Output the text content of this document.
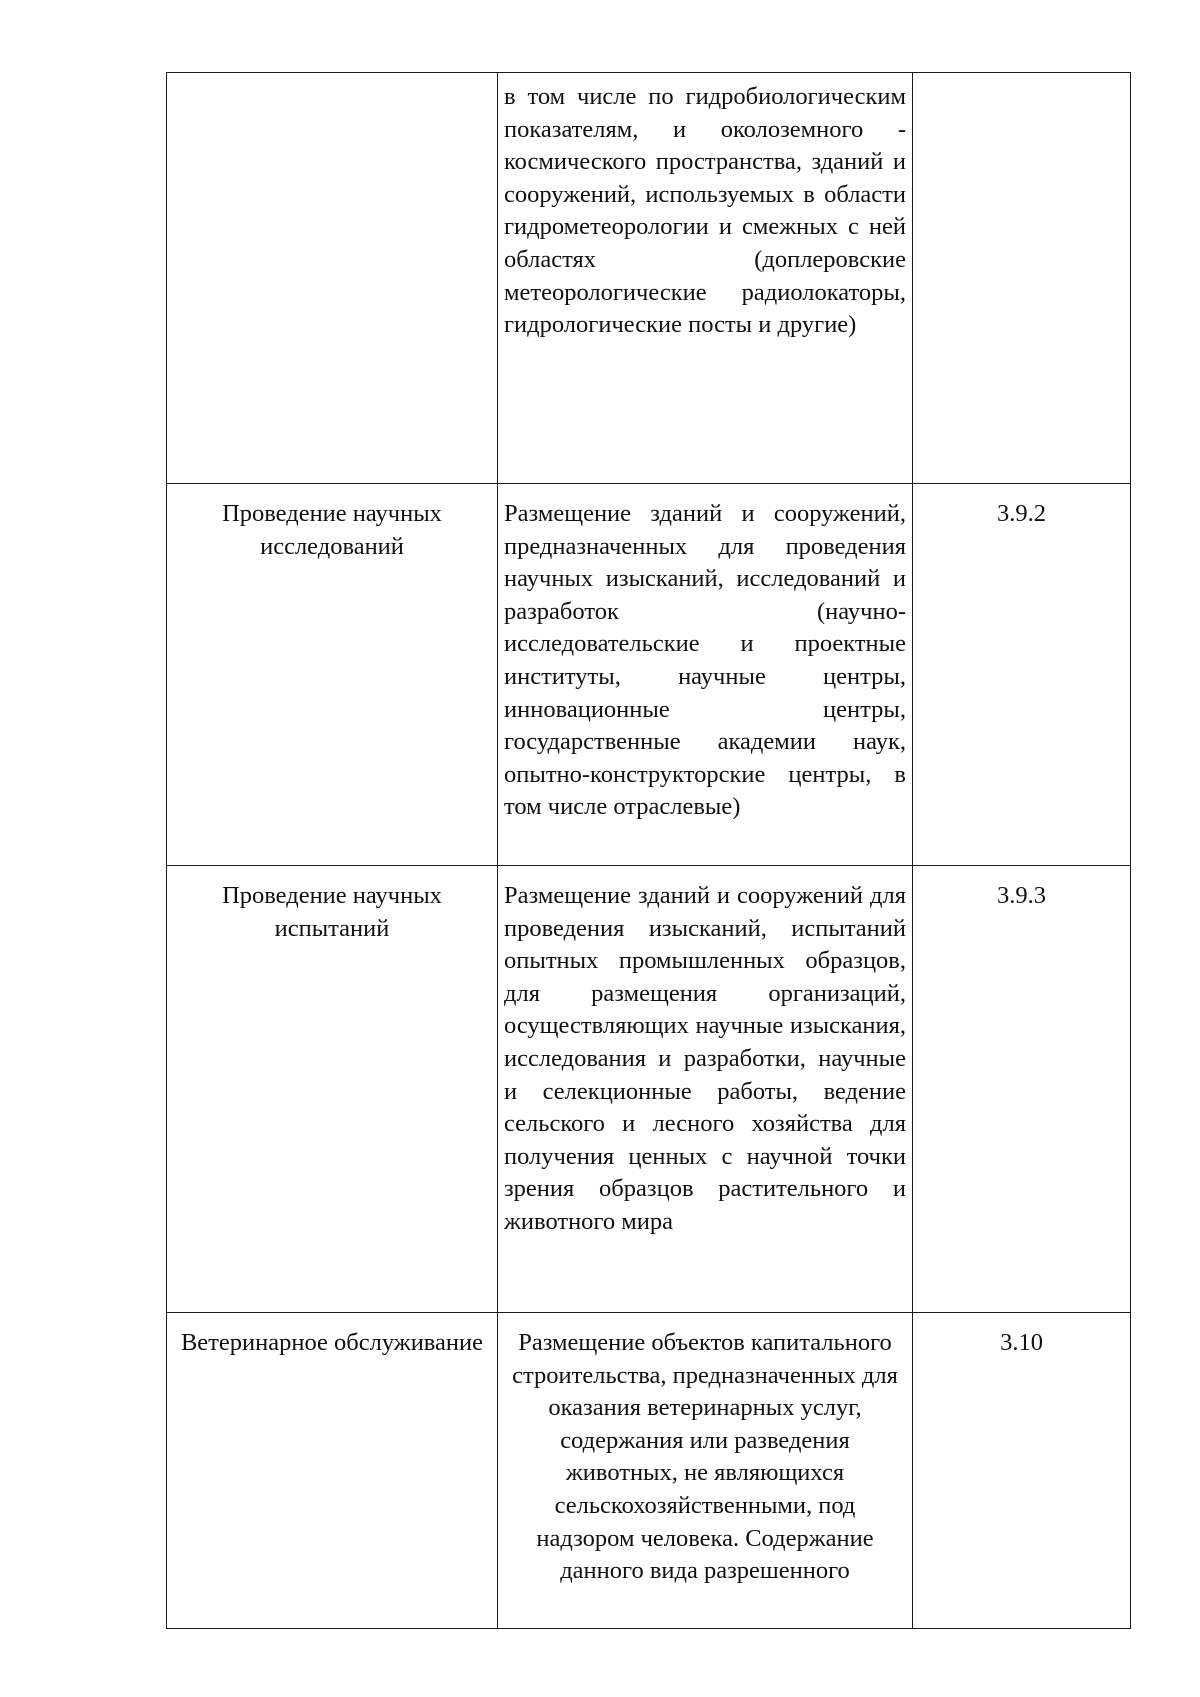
	в том числе по гидробиологическим показателям, и околоземного - космического пространства, зданий и сооружений, используемых в области гидрометеорологии и смежных с ней областях (доплеровские метеорологические радиолокаторы, гидрологические посты и другие)	
Проведение научных исследований	Размещение зданий и сооружений, предназначенных для проведения научных изысканий, исследований и разработок (научно-исследовательские и проектные институты, научные центры, инновационные центры, государственные академии наук, опытно-конструкторские центры, в том числе отраслевые)	3.9.2
Проведение научных испытаний	Размещение зданий и сооружений для проведения изысканий, испытаний опытных промышленных образцов, для размещения организаций, осуществляющих научные изыскания, исследования и разработки, научные и селекционные работы, ведение сельского и лесного хозяйства для получения ценных с научной точки зрения образцов растительного и животного мира	3.9.3
Ветеринарное обслуживание	Размещение объектов капитального строительства, предназначенных для оказания ветеринарных услуг, содержания или разведения животных, не являющихся сельскохозяйственными, под надзором человека. Содержание данного вида разрешенного	3.10
